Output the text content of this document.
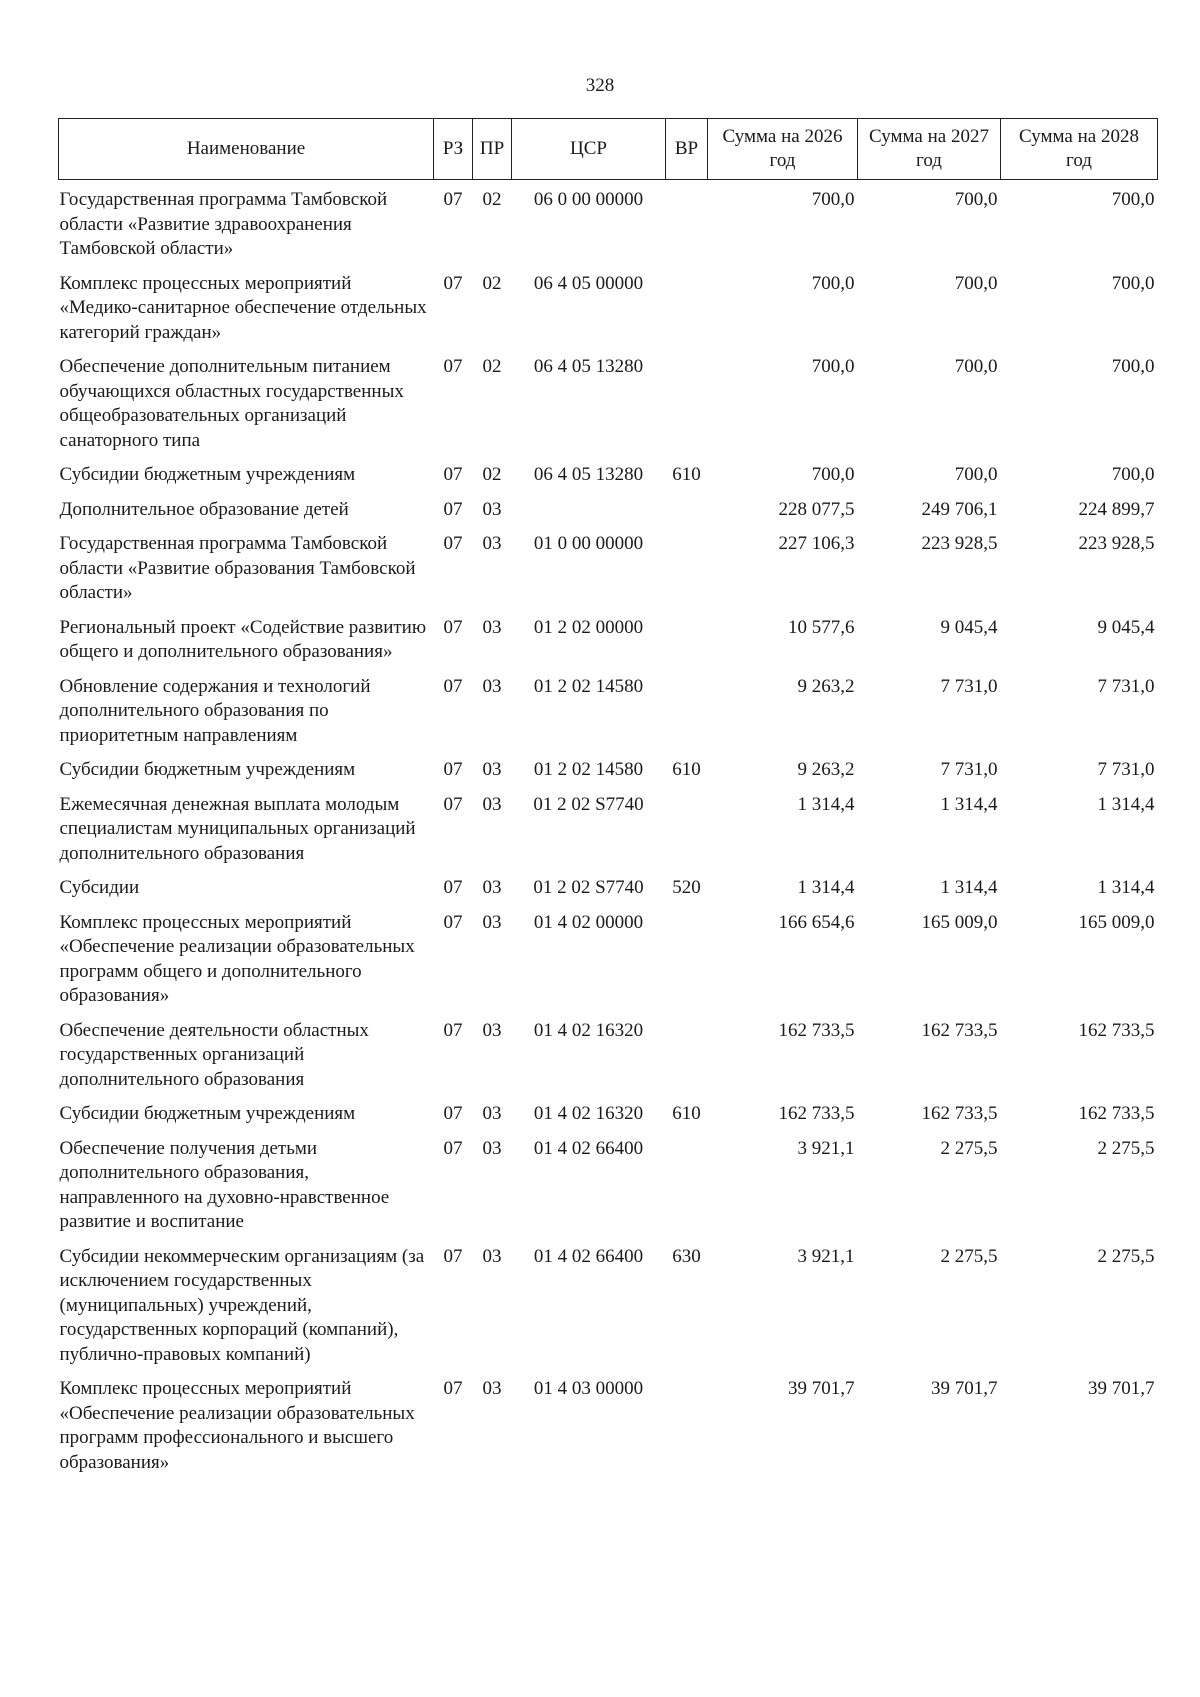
328
Наименование	РЗ	ПР	ЦСР	ВР	Сумма на 2026 год	Сумма на 2027 год	Сумма на 2028 год
Государственная программа Тамбовской области «Развитие здравоохранения Тамбовской области»	07	02	06 0 00 00000		700,0	700,0	700,0
Комплекс процессных мероприятий «Медико-санитарное обеспечение отдельных категорий граждан»	07	02	06 4 05 00000		700,0	700,0	700,0
Обеспечение дополнительным питанием обучающихся областных государственных общеобразовательных организаций санаторного типа	07	02	06 4 05 13280		700,0	700,0	700,0
Субсидии бюджетным учреждениям	07	02	06 4 05 13280	610	700,0	700,0	700,0
Дополнительное образование детей	07	03			228 077,5	249 706,1	224 899,7
Государственная программа Тамбовской области «Развитие образования Тамбовской области»	07	03	01 0 00 00000		227 106,3	223 928,5	223 928,5
Региональный проект «Содействие развитию общего и дополнительного образования»	07	03	01 2 02 00000		10 577,6	9 045,4	9 045,4
Обновление содержания и технологий дополнительного образования по приоритетным направлениям	07	03	01 2 02 14580		9 263,2	7 731,0	7 731,0
Субсидии бюджетным учреждениям	07	03	01 2 02 14580	610	9 263,2	7 731,0	7 731,0
Ежемесячная денежная выплата молодым специалистам муниципальных организаций дополнительного образования	07	03	01 2 02 S7740		1 314,4	1 314,4	1 314,4
Субсидии	07	03	01 2 02 S7740	520	1 314,4	1 314,4	1 314,4
Комплекс процессных мероприятий «Обеспечение реализации образовательных программ общего и дополнительного образования»	07	03	01 4 02 00000		166 654,6	165 009,0	165 009,0
Обеспечение деятельности областных государственных организаций дополнительного образования	07	03	01 4 02 16320		162 733,5	162 733,5	162 733,5
Субсидии бюджетным учреждениям	07	03	01 4 02 16320	610	162 733,5	162 733,5	162 733,5
Обеспечение получения детьми дополнительного образования, направленного на духовно-нравственное развитие и воспитание	07	03	01 4 02 66400		3 921,1	2 275,5	2 275,5
Субсидии некоммерческим организациям (за исключением государственных (муниципальных) учреждений, государственных корпораций (компаний), публично-правовых компаний)	07	03	01 4 02 66400	630	3 921,1	2 275,5	2 275,5
Комплекс процессных мероприятий «Обеспечение реализации образовательных программ профессионального и высшего образования»	07	03	01 4 03 00000		39 701,7	39 701,7	39 701,7
